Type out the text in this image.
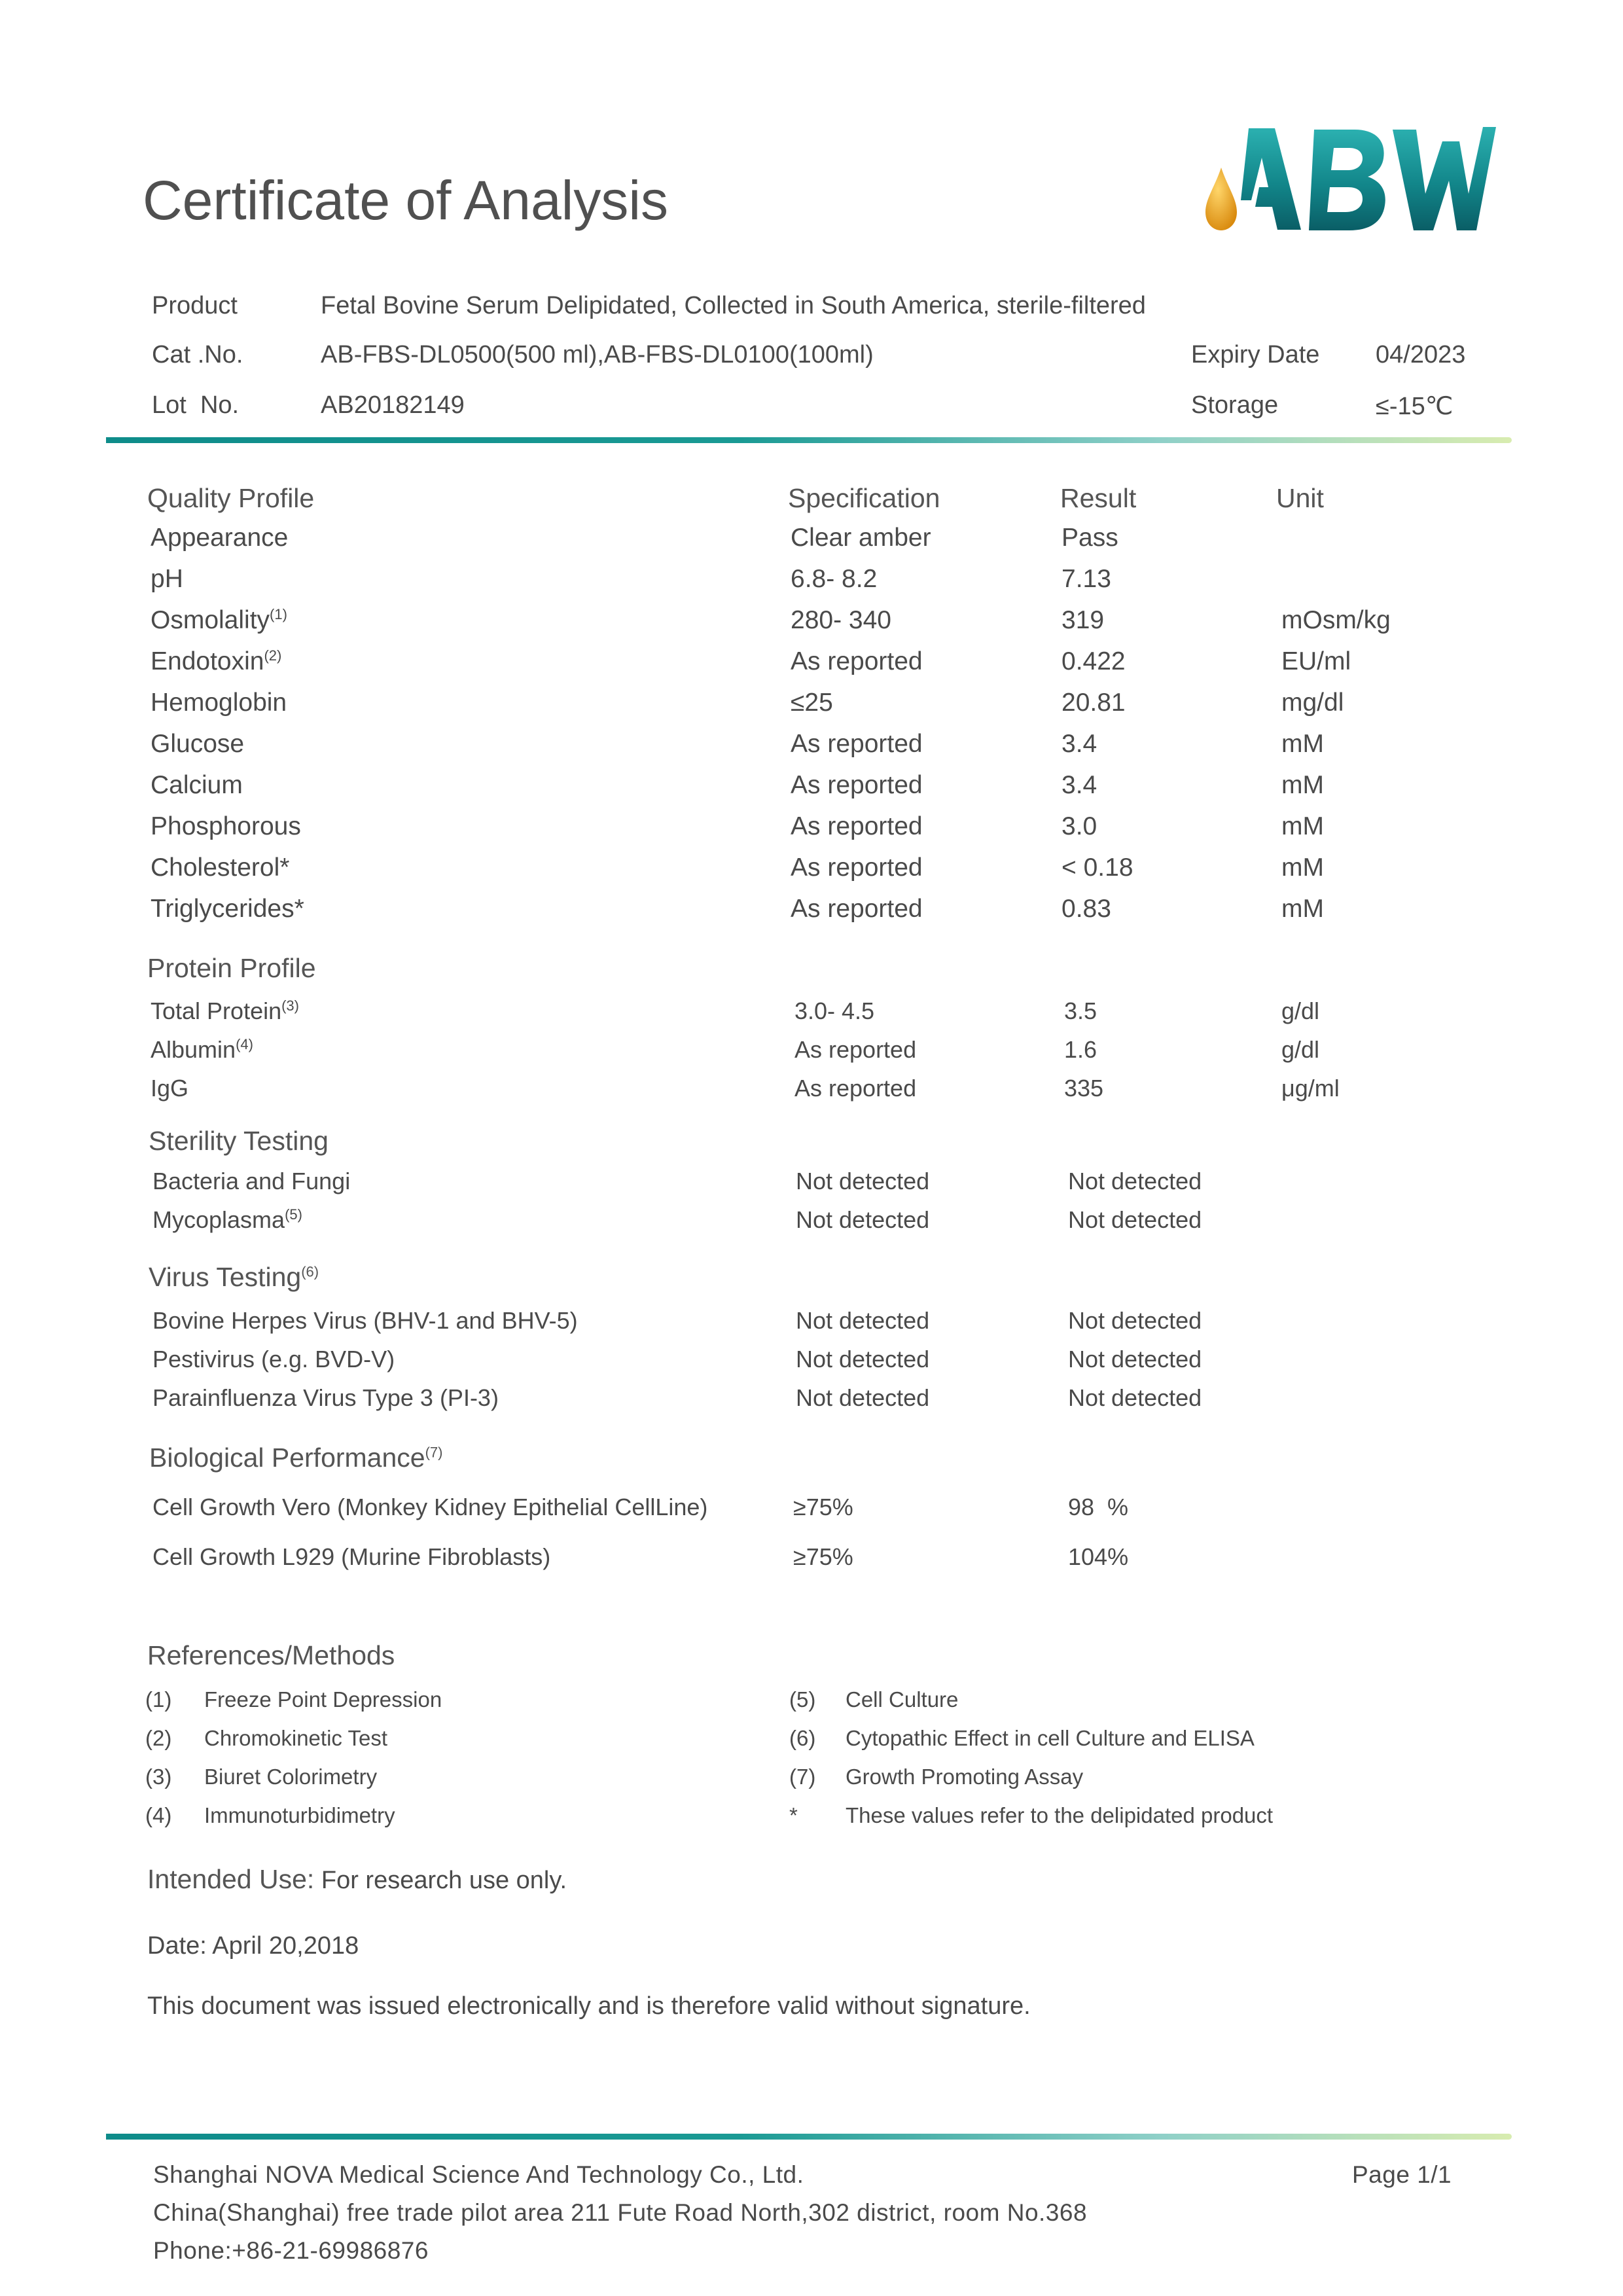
Certificate of Analysis
Product	Fetal Bovine Serum Delipidated, Collected in South America, sterile-filtered
Cat .No.	AB-FBS-DL0500(500 ml),AB-FBS-DL0100(100ml)	Expiry Date 04/2023
Lot  No.	AB20182149	Storage	≤-15℃
Quality Profile	Specification	Result	Unit
Appearance	Clear amber	Pass
pH	6.8- 8.2	7.13
Osmolality$^{(1)}$	280- 340	319	mOsm/kg
Endotoxin$^{(2)}$	As reported	0.422	EU/ml
Hemoglobin	≤25	20.81	mg/dl
Glucose	As reported	3.4	mM
Calcium	As reported	3.4	mM
Phosphorous	As reported	3.0	mM
Cholesterol*	As reported	< 0.18	mM
Triglycerides*	As reported	0.83	mM
Protein Profile
Total Protein$^{(3)}$	3.0- 4.5	3.5	g/dl
Albumin$^{(4)}$	As reported	1.6	g/dl
IgG	As reported	335	μg/ml
Sterility Testing
Bacteria and Fungi	Not detected	Not detected
Mycoplasma$^{(5)}$	Not detected	Not detected
Virus Testing$^{(6)}$
Bovine Herpes Virus (BHV-1 and BHV-5)	Not detected	Not detected
Pestivirus (e.g. BVD-V)	Not detected	Not detected
Parainfluenza Virus Type 3 (PI-3)	Not detected	Not detected
Biological Performance$^{(7)}$
Cell Growth Vero (Monkey Kidney Epithelial CellLine)	≥75%	98  %
Cell Growth L929 (Murine Fibroblasts)	≥75%	104%
References/Methods
(1) Freeze Point Depression
(2) Chromokinetic Test
(3) Biuret Colorimetry
(4) Immunoturbidimetry
(5) Cell Culture
(6) Cytopathic Effect in cell Culture and ELISA
(7) Growth Promoting Assay
* These values refer to the delipidated product
Intended Use: For research use only.
Date: April 20,2018
This document was issued electronically and is therefore valid without signature.
Shanghai NOVA Medical Science And Technology Co., Ltd.	Page 1/1
China(Shanghai) free trade pilot area 211 Fute Road North,302 district, room No.368
Phone:+86-21-69986876
